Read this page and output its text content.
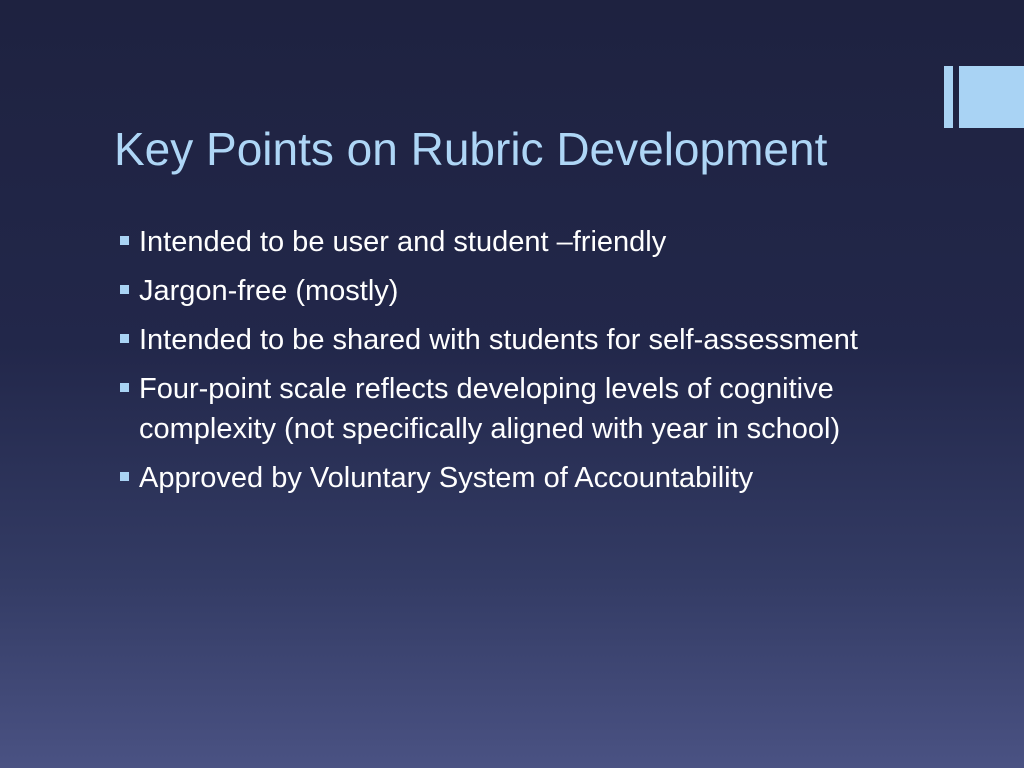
Key Points on Rubric Development
Intended to be user and student –friendly
Jargon-free (mostly)
Intended to be shared with students for self-assessment
Four-point scale reflects developing levels of cognitive complexity (not specifically aligned with year in school)
Approved by Voluntary System of Accountability
